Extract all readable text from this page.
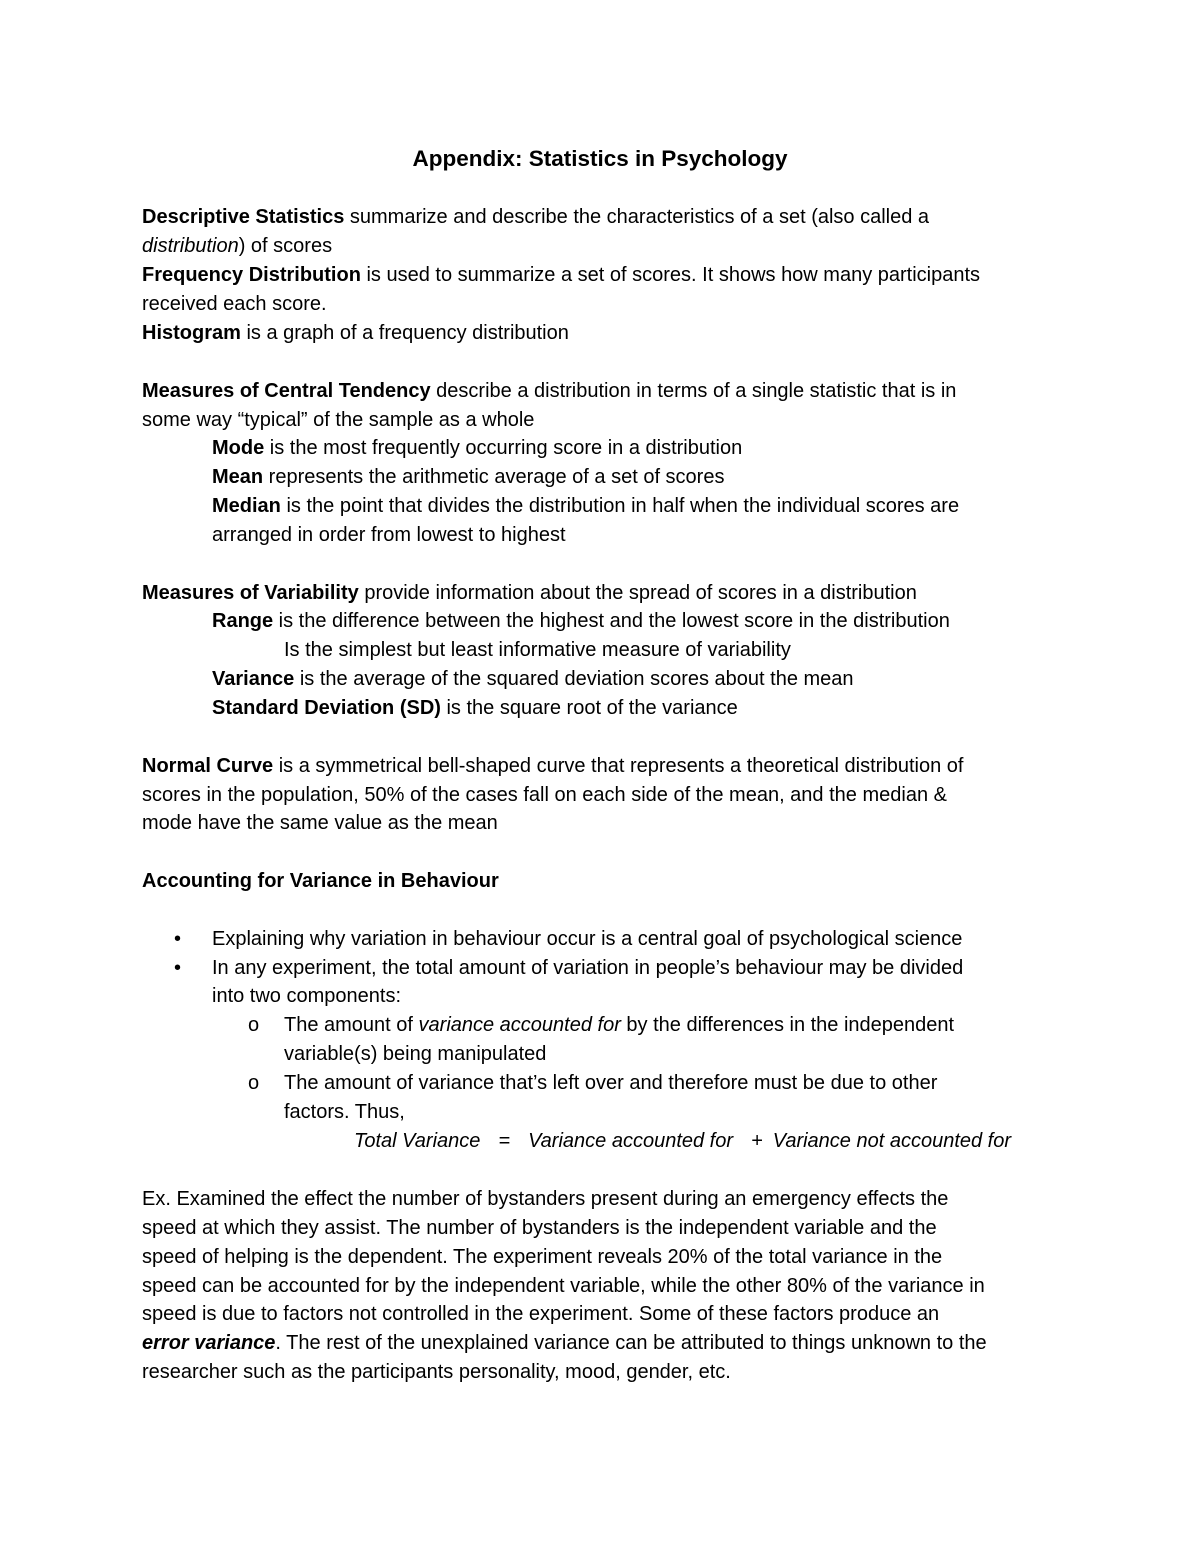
Appendix: Statistics in Psychology
Descriptive Statistics summarize and describe the characteristics of a set (also called a
distribution) of scores
Frequency Distribution is used to summarize a set of scores. It shows how many participants
received each score.
Histogram is a graph of a frequency distribution
Measures of Central Tendency describe a distribution in terms of a single statistic that is in
some way “typical” of the sample as a whole
Mode is the most frequently occurring score in a distribution
Mean represents the arithmetic average of a set of scores
Median is the point that divides the distribution in half when the individual scores are
arranged in order from lowest to highest
Measures of Variability provide information about the spread of scores in a distribution
Range is the difference between the highest and the lowest score in the distribution
Is the simplest but least informative measure of variability
Variance is the average of the squared deviation scores about the mean
Standard Deviation (SD) is the square root of the variance
Normal Curve is a symmetrical bell-shaped curve that represents a theoretical distribution of
scores in the population, 50% of the cases fall on each side of the mean, and the median &
mode have the same value as the mean
Accounting for Variance in Behaviour
• Explaining why variation in behaviour occur is a central goal of psychological science
• In any experiment, the total amount of variation in people’s behaviour may be divided
into two components:
o The amount of variance accounted for by the differences in the independent
variable(s) being manipulated
o The amount of variance that’s left over and therefore must be due to other
factors. Thus,
Total Variance = Variance accounted for + Variance not accounted for
Ex. Examined the effect the number of bystanders present during an emergency effects the
speed at which they assist. The number of bystanders is the independent variable and the
speed of helping is the dependent. The experiment reveals 20% of the total variance in the
speed can be accounted for by the independent variable, while the other 80% of the variance in
speed is due to factors not controlled in the experiment. Some of these factors produce an
error variance. The rest of the unexplained variance can be attributed to things unknown to the
researcher such as the participants personality, mood, gender, etc.
